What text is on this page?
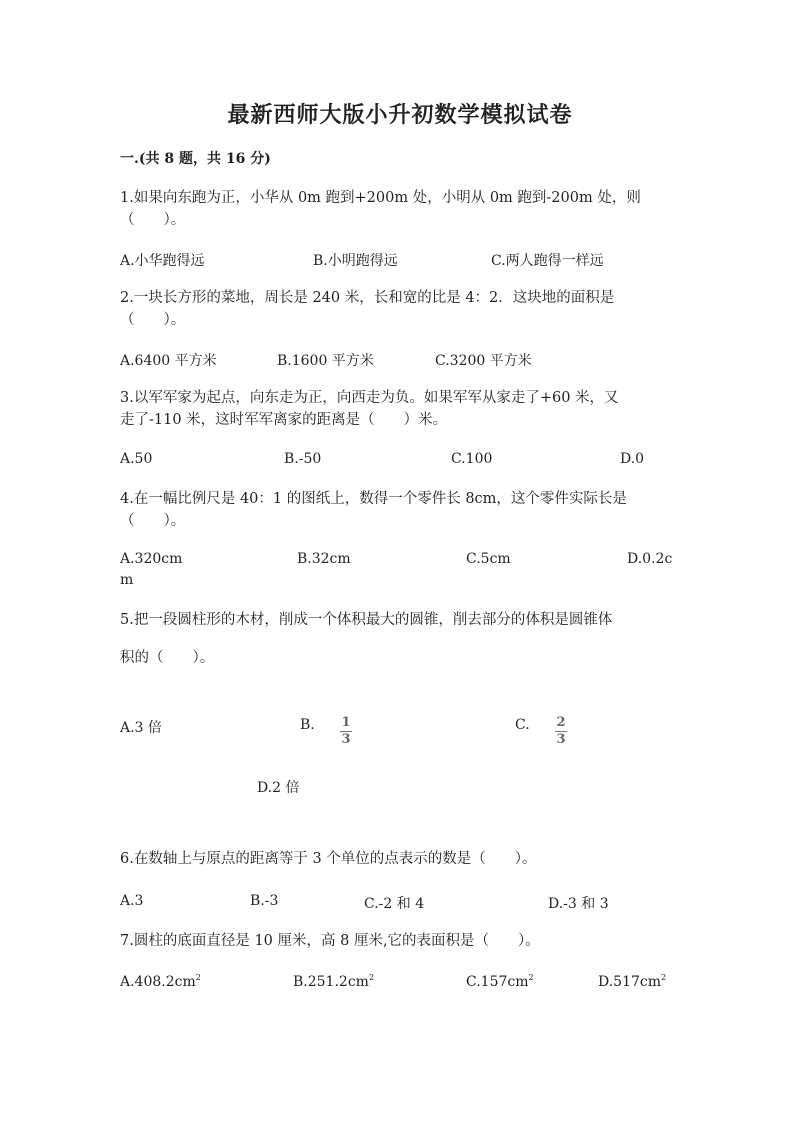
最新西师大版小升初数学模拟试卷
一.(共 8 题，共 16 分)
1.如果向东跑为正，小华从 0m 跑到+200m 处，小明从 0m 跑到-200m 处，则
（　　）。
A.小华跑得远	B.小明跑得远	C.两人跑得一样远
2.一块长方形的菜地，周长是 240 米，长和宽的比是 4：2．这块地的面积是
（　　）。
A.6400 平方米	B.1600 平方米	C.3200 平方米
3.以军军家为起点，向东走为正，向西走为负。如果军军从家走了+60 米，又
走了-110 米，这时军军离家的距离是（　　）米。
A.50	B.-50	C.100	D.0
4.在一幅比例尺是 40：1 的图纸上，数得一个零件长 8cm，这个零件实际长是
（　　）。
A.320cm	B.32cm	C.5cm	D.0.2c
m
5.把一段圆柱形的木材，削成一个体积最大的圆锥，削去部分的体积是圆锥体
积的（　　）。
A.3 倍	B. $\frac{1}{3}$	C. $\frac{2}{3}$
D.2 倍
6.在数轴上与原点的距离等于 3 个单位的点表示的数是（　　）。
A.3	B.-3	C.-2 和 4	D.-3 和 3
7.圆柱的底面直径是 10 厘米，高 8 厘米,它的表面积是（　　）。
$A.408.2cm^2$	$B.251.2cm^2$	$C.157cm^2$	$D.517cm^2$
